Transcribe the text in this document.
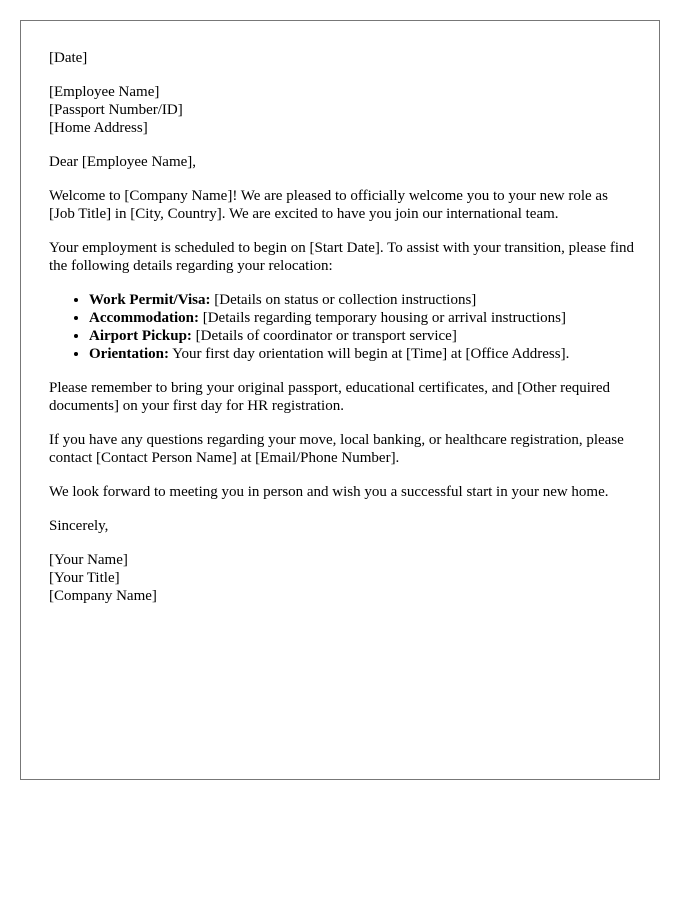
[Date]

[Employee Name]
[Passport Number/ID]
[Home Address]

Dear [Employee Name],

Welcome to [Company Name]! We are pleased to officially welcome you to your new role as [Job Title] in [City, Country]. We are excited to have you join our international team.

Your employment is scheduled to begin on [Start Date]. To assist with your transition, please find the following details regarding your relocation:

• Work Permit/Visa: [Details on status or collection instructions]
• Accommodation: [Details regarding temporary housing or arrival instructions]
• Airport Pickup: [Details of coordinator or transport service]
• Orientation: Your first day orientation will begin at [Time] at [Office Address].

Please remember to bring your original passport, educational certificates, and [Other required documents] on your first day for HR registration.

If you have any questions regarding your move, local banking, or healthcare registration, please contact [Contact Person Name] at [Email/Phone Number].

We look forward to meeting you in person and wish you a successful start in your new home.

Sincerely,

[Your Name]
[Your Title]
[Company Name]
